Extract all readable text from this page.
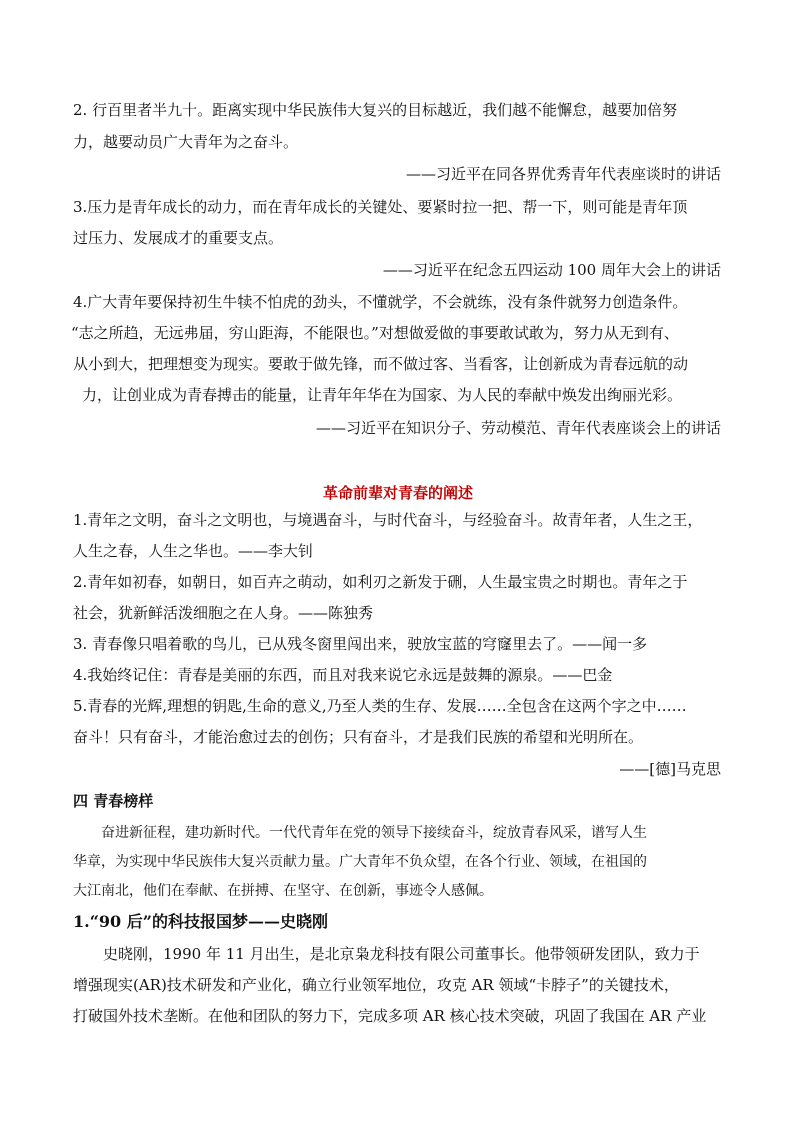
2. 行百里者半九十。距离实现中华民族伟大复兴的目标越近，我们越不能懈怠，越要加倍努
力，越要动员广大青年为之奋斗。
——习近平在同各界优秀青年代表座谈时的讲话
3.压力是青年成长的动力，而在青年成长的关键处、要紧时拉一把、帮一下，则可能是青年顶
过压力、发展成才的重要支点。
——习近平在纪念五四运动 100 周年大会上的讲话
4.广大青年要保持初生牛犊不怕虎的劲头，不懂就学，不会就练，没有条件就努力创造条件。
“志之所趋，无远弗届，穷山距海，不能限也。”对想做爱做的事要敢试敢为，努力从无到有、
从小到大，把理想变为现实。要敢于做先锋，而不做过客、当看客，让创新成为青春远航的动
力，让创业成为青春搏击的能量，让青年年华在为国家、为人民的奉献中焕发出绚丽光彩。
——习近平在知识分子、劳动模范、青年代表座谈会上的讲话
革命前辈对青春的阐述
1.青年之文明，奋斗之文明也，与境遇奋斗，与时代奋斗，与经验奋斗。故青年者，人生之王，
人生之春，人生之华也。——李大钊
2.青年如初春，如朝日，如百卉之萌动，如利刃之新发于硎，人生最宝贵之时期也。青年之于
社会，犹新鲜活泼细胞之在人身。——陈独秀
3. 青春像只唱着歌的鸟儿，已从残冬窗里闯出来，驶放宝蓝的穹窿里去了。——闻一多
4.我始终记住：青春是美丽的东西，而且对我来说它永远是鼓舞的源泉。——巴金
5.青春的光辉,理想的钥匙,生命的意义,乃至人类的生存、发展……全包含在这两个字之中……
奋斗！只有奋斗，才能治愈过去的创伤；只有奋斗，才是我们民族的希望和光明所在。
——[德]马克思
四 青春榜样
奋进新征程，建功新时代。一代代青年在党的领导下接续奋斗，绽放青春风采，谱写人生
华章，为实现中华民族伟大复兴贡献力量。广大青年不负众望，在各个行业、领域，在祖国的
大江南北，他们在奉献、在拼搏、在坚守、在创新，事迹令人感佩。
1.“90 后”的科技报国梦——史晓刚
史晓刚，1990 年 11 月出生，是北京枭龙科技有限公司董事长。他带领研发团队，致力于
增强现实(AR)技术研发和产业化，确立行业领军地位，攻克 AR 领域“卡脖子”的关键技术，
打破国外技术垄断。在他和团队的努力下，完成多项 AR 核心技术突破，巩固了我国在 AR 产业
